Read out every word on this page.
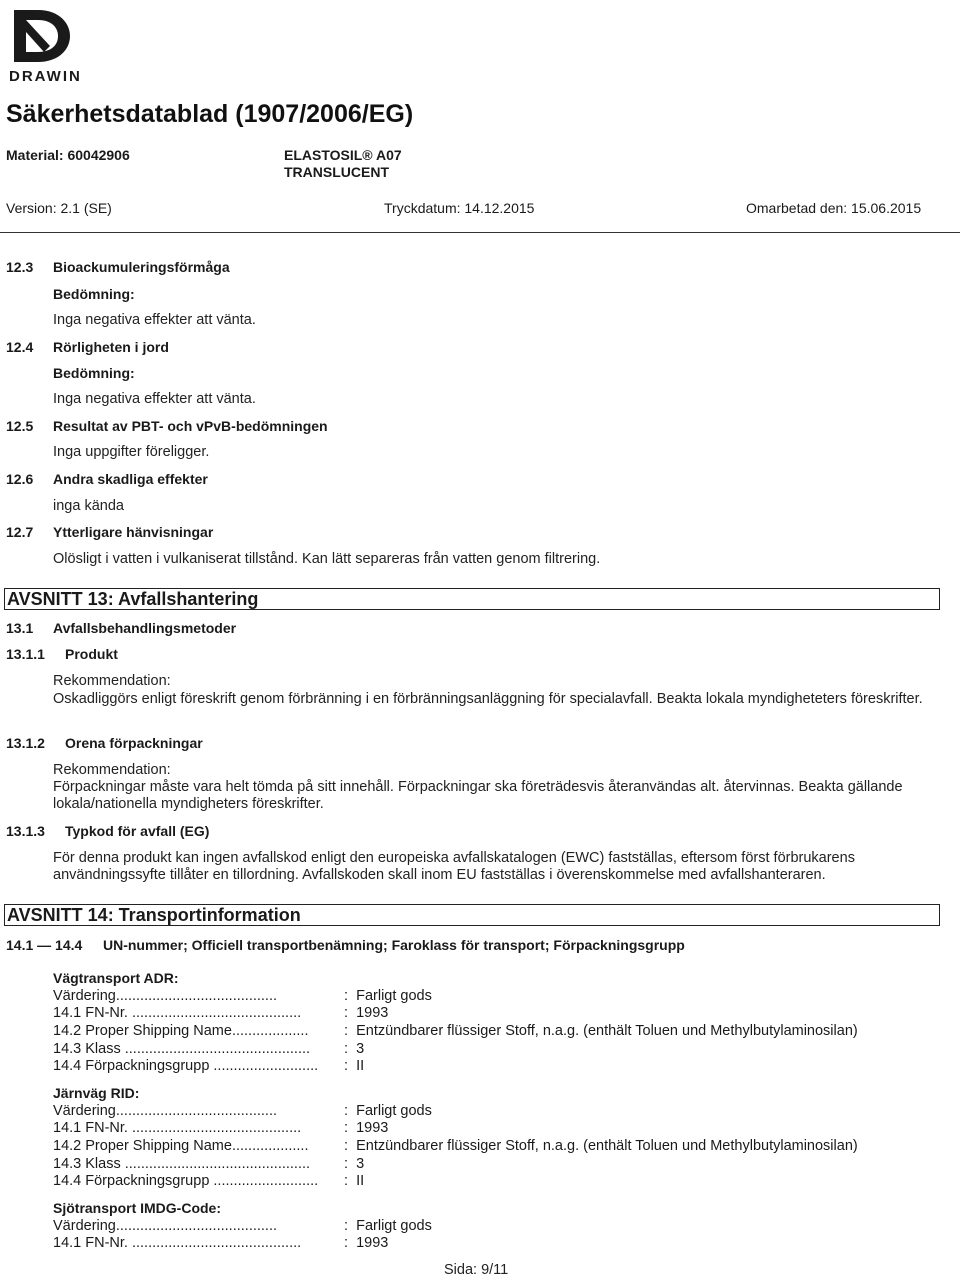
DRAWIN
Säkerhetsdatablad (1907/2006/EG)
Material: 60042906	ELASTOSIL® A07
TRANSLUCENT
Version: 2.1 (SE)	Tryckdatum: 14.12.2015	Omarbetad den: 15.06.2015
12.3 Bioackumuleringsförmåga
Bedömning:
Inga negativa effekter att vänta.
12.4 Rörligheten i jord
Bedömning:
Inga negativa effekter att vänta.
12.5 Resultat av PBT- och vPvB-bedömningen
Inga uppgifter föreligger.
12.6 Andra skadliga effekter
inga kända
12.7 Ytterligare hänvisningar
Olösligt i vatten i vulkaniserat tillstånd. Kan lätt separeras från vatten genom filtrering.
AVSNITT 13: Avfallshantering
13.1 Avfallsbehandlingsmetoder
13.1.1 Produkt
Rekommendation:
Oskadliggörs enligt föreskrift genom förbränning i en förbränningsanläggning för specialavfall. Beakta lokala myndigheteters föreskrifter.
13.1.2 Orena förpackningar
Rekommendation:
Förpackningar måste vara helt tömda på sitt innehåll. Förpackningar ska företrädesvis återanvändas alt. återvinnas. Beakta gällande lokala/nationella myndigheters föreskrifter.
13.1.3 Typkod för avfall (EG)
För denna produkt kan ingen avfallskod enligt den europeiska avfallskatalogen (EWC) fastställas, eftersom först förbrukarens användningssyfte tillåter en tillordning. Avfallskoden skall inom EU fastställas i överenskommelse med avfallshanteraren.
AVSNITT 14: Transportinformation
14.1 — 14.4 UN-nummer; Officiell transportbenämning; Faroklass för transport; Förpackningsgrupp
Vägtransport ADR:
Värdering........................................	:  Farligt gods
14.1 FN-Nr. ..........................................	:  1993
14.2 Proper Shipping Name................... :  Entzündbarer flüssiger Stoff, n.a.g. (enthält Toluen und Methylbutylaminosilan)
14.3 Klass .............................................. :  3
14.4 Förpackningsgrupp .......................... :  II
Järnväg RID:
Värdering........................................	:  Farligt gods
14.1 FN-Nr. ..........................................	:  1993
14.2 Proper Shipping Name................... :  Entzündbarer flüssiger Stoff, n.a.g. (enthält Toluen und Methylbutylaminosilan)
14.3 Klass .............................................. :  3
14.4 Förpackningsgrupp .......................... :  II
Sjötransport IMDG-Code:
Värdering........................................	:  Farligt gods
14.1 FN-Nr. ..........................................	:  1993
Sida: 9/11
